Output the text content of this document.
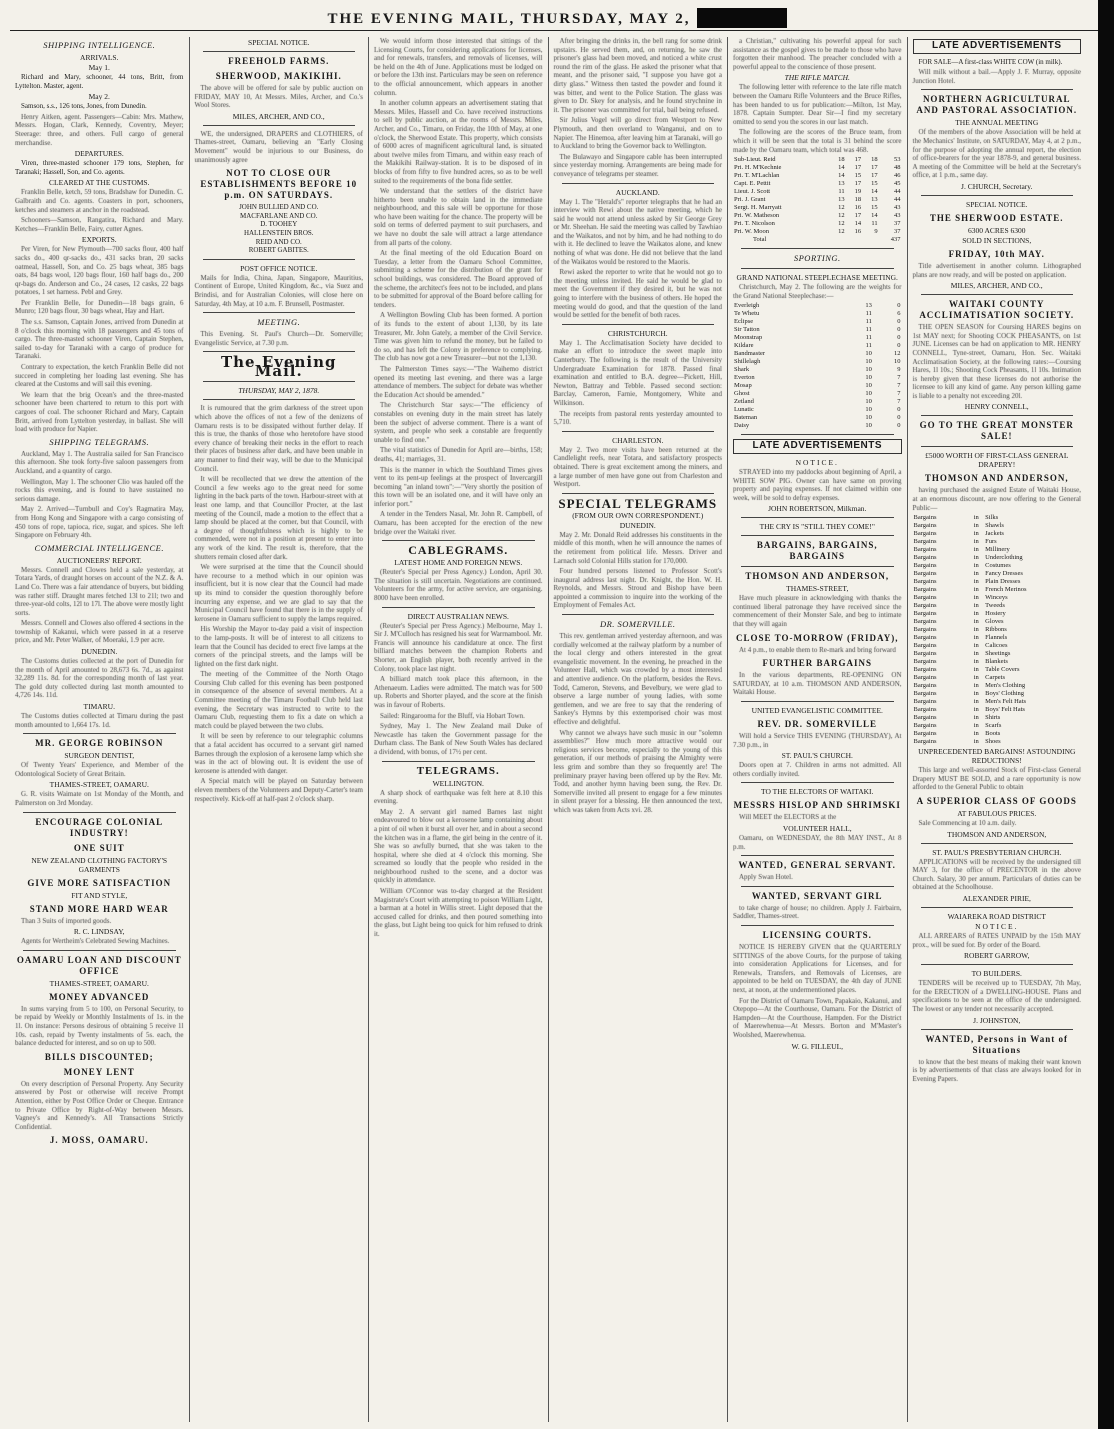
THE EVENING MAIL, THURSDAY, MAY 2,
SHIPPING INTELLIGENCE.
ARRIVALS.
May 1.

Richard and Mary, schooner, 44 tons, Britt, from Lyttelton. Master, agent.

May 2.

Samson, s.s., 126 tons, Jones, from Dunedin.

Henry Aitken, agent. Passengers—Cabin: Mrs. Mathew, Messrs. Hogan, Clark, Kennedy, Coventry, Meyer; Steerage: three, and others. Full cargo of general merchandise.

DEPARTURES.

Viren, three-masted schooner 179 tons, Stephen, for Taranaki; Hassell, Son, and Co. agents.

CLEARED AT THE CUSTOMS.

Franklin Belle, ketch, 59 tons, Bradshaw for Dunedin. C. Galbraith and Co. agents. Coasters in port, schooners, ketches and steamers at anchor in the roadstead.

Schooners—Samson, Rangatira, Richard and Mary. Ketches—Franklin Belle, Fairy, cutter Agnes.

EXPORTS.

Per Viren, for New Plymouth—700 sacks flour, 400 half sacks do., 400 qr-sacks do., 431 sacks bran, 20 sacks oatmeal, Hassell, Son, and Co. 25 bags wheat, 385 bags oats, 84 bags wool, 120 bags flour, 160 half bags do., 200 qr-bags do. Anderson and Co., 24 cases, 12 casks, 22 bags potatoes, 1 set harness. Pebl and Grey.

Per Franklin Belle, for Dunedin—18 bags grain, 6 Munro; 120 bags flour, 30 bags wheat, Hay and Hart.

The s.s. Samson, Captain Jones, arrived from Dunedin at 8 o'clock this morning with 18 passengers and 45 tons of cargo. The three-masted schooner Viren, Captain Stephen, sailed to-day for Taranaki with a cargo of produce for Taranaki.

Contrary to expectation, the ketch Franklin Belle did not succeed in completing her loading last evening. She has cleared at the Customs and will sail this evening.

We learn that the brig Ocean's and the three-masted schooner have been chartered to return to this port with cargoes of coal. The schooner Richard and Mary, Captain Britt, arrived from Lyttelton yesterday, in ballast. She will load with produce for Napier.

SHIPPING TELEGRAMS.

Auckland, May 1. The Australia sailed for San Francisco this afternoon. She took forty-five saloon passengers from Auckland, and a quantity of cargo.

Wellington, May 1. The schooner Clio was hauled off the rocks this evening, and is found to have sustained no serious damage.

May 2. Arrived—Turnbull and Coy's Ragmatira May, from Hong Kong and Singapore with a cargo consisting of 450 tons of rope, tapioca, rice, sugar, and spices. She left Singapore on February 4th.

COMMERCIAL INTELLIGENCE.
AUCTIONEERS' REPORT.

Messrs. Connell and Clowes held a sale yesterday, at Totara Yards, of draught horses on account of the N.Z. & A. Land Co. There was a fair attendance of buyers, but bidding was rather stiff. Draught mares fetched 13l to 21l; two and three-year-old colts, 12l to 17l. The above were mostly light sorts.

Messrs. Connell and Clowes also offered 4 sections in the township of Kakanui, which were passed in at a reserve price, and Mr. Peter Walker, of Moeraki, 1.9 per acre.

DUNEDIN.

The Customs duties collected at the port of Dunedin for the month of April amounted to 28,673 6s. 7d., as against 32,289 11s. 8d. for the corresponding month of last year. The gold duty collected during last month amounted to 4,726 14s. 11d.

TIMARU.

The Customs duties collected at Timaru during the past month amounted to 1,664 17s. 1d.

MR. GEORGE ROBINSON
SURGEON DENTIST,

Of Twenty Years' Experience, and Member of the Odontological Society of Great Britain.

THAMES-STREET, OAMARU.

G. R. visits Waimate on 1st Monday of the Month, and Palmerston on 3rd Monday.

ENCOURAGE COLONIAL INDUSTRY!
ONE SUIT
NEW ZEALAND CLOTHING FACTORY'S GARMENTS
GIVE MORE SATISFACTION
FIT AND STYLE,
STAND MORE HARD WEAR

Than 3 Suits of imported goods.

R. C. LINDSAY,

Agents for Wertheim's Celebrated Sewing Machines.

OAMARU LOAN AND DISCOUNT OFFICE
THAMES-STREET, OAMARU.
MONEY ADVANCED

In sums varying from 5 to 100, on Personal Security, to be repaid by Weekly or Monthly Instalments of 1s. in the 1l. On instance: Persons desirous of obtaining 5 receive 1l 10s. cash, repaid by Twenty instalments of 5s. each, the balance deducted for interest, and so on up to 500.

BILLS DISCOUNTED;
MONEY LENT

On every description of Personal Property. Any Security answered by Post or otherwise will receive Prompt Attention, either by Post Office Order or Cheque. Entrance to Private Office by Right-of-Way between Messrs. Vagney's and Kennedy's. All Transactions Strictly Confidential.

J. MOSS, OAMARU.
SPECIAL NOTICE.
FREEHOLD FARMS.
SHERWOOD, MAKIKIHI.

The above will be offered for sale by public auction on FRIDAY, MAY 10, At Messrs. Miles, Archer, and Co.'s Wool Stores.

MILES, ARCHER, AND CO.,

WE, the undersigned, DRAPERS and CLOTHIERS, of Thames-street, Oamaru, believing an "Early Closing Movement" would be injurious to our Business, do unanimously agree

NOT TO CLOSE OUR ESTABLISHMENTS BEFORE 10 p.m. ON SATURDAYS.
JOHN BULLIED AND CO.
MACFARLANE AND CO.
D. TOOHEY
HALLENSTEIN BROS.
REID AND CO.
ROBERT GABITES.
POST OFFICE NOTICE.

Mails for India, China, Japan, Singapore, Mauritius, Continent of Europe, United Kingdom, &c., via Suez and Brindisi, and for Australian Colonies, will close here on Saturday, 4th May, at 10 a.m. F. Brunsell, Postmaster.

MEETING.

This Evening. St. Paul's Church—Dr. Somerville; Evangelistic Service, at 7.30 p.m.

The Evening Mail.
THURSDAY, MAY 2, 1878.

It is rumoured that the grim darkness of the street upon which above the offices of not a few of the denizens of Oamaru rests is to be dissipated without further delay. If this is true, the thanks of those who heretofore have stood every chance of breaking their necks in the effort to reach their places of business after dark, and have been unable in any manner to find their way, will be due to the Municipal Council.

It will be recollected that we drew the attention of the Council a few weeks ago to the great need for some lighting in the back parts of the town. Harbour-street with at least one lamp, and that Councillor Procter, at the last meeting of the Council, made a motion to the effect that a lamp should be placed at the corner, but that Council, with a degree of thoughtfulness which is highly to be commended, were not in a position at present to enter into any work of the kind. The result is, therefore, that the shutters remain closed after dark.

We were surprised at the time that the Council should have recourse to a method which in our opinion was insufficient, but it is now clear that the Council had made up its mind to consider the question thoroughly before incurring any expense, and we are glad to say that the Municipal Council have found that there is in the supply of kerosene in Oamaru sufficient to supply the lamps required.

His Worship the Mayor to-day paid a visit of inspection to the lamp-posts. It will be of interest to all citizens to learn that the Council has decided to erect five lamps at the corners of the principal streets, and the lamps will be lighted on the first dark night.

The meeting of the Committee of the North Otago Coursing Club called for this evening has been postponed in consequence of the absence of several members. At a Committee meeting of the Timaru Football Club held last evening, the Secretary was instructed to write to the Oamaru Club, requesting them to fix a date on which a match could be played between the two clubs.

It will be seen by reference to our telegraphic columns that a fatal accident has occurred to a servant girl named Barnes through the explosion of a kerosene lamp which she was in the act of blowing out. It is evident the use of kerosene is attended with danger.

A Special match will be played on Saturday between eleven members of the Volunteers and Deputy-Carter's team respectively. Kick-off at half-past 2 o'clock sharp.

We would inform those interested that sittings of the Licensing Courts, for considering applications for licenses, and for renewals, transfers, and removals of licenses, will be held on the 4th of June. Applications must be lodged on or before the 13th inst. Particulars may be seen on reference to the official announcement, which appears in another column.

In another column appears an advertisement stating that Messrs. Miles, Hassell and Co. have received instructions to sell by public auction, at the rooms of Messrs. Miles, Archer, and Co., Timaru, on Friday, the 10th of May, at one o'clock, the Sherwood Estate. This property, which consists of 6000 acres of magnificent agricultural land, is situated about twelve miles from Timaru, and within easy reach of the Makikihi Railway-station. It is to be disposed of in blocks of from fifty to five hundred acres, so as to be well suited to the requirements of the bona fide settler.

We understand that the settlers of the district have hitherto been unable to obtain land in the immediate neighbourhood, and this sale will be opportune for those who have been waiting for the chance. The property will be sold on terms of deferred payment to suit purchasers, and we have no doubt the sale will attract a large attendance from all parts of the colony.

At the final meeting of the old Education Board on Tuesday, a letter from the Oamaru School Committee, submitting a scheme for the distribution of the grant for school buildings, was considered. The Board approved of the scheme, the architect's fees not to be included, and plans to be submitted for approval of the Board before calling for tenders.

A Wellington Bowling Club has been formed. A portion of its funds to the extent of about 1,130, by its late Treasurer, Mr. John Gately, a member of the Civil Service. Time was given him to refund the money, but he failed to do so, and has left the Colony in preference to complying. The club has now got a new Treasurer—but not the 1,130.

The Palmerston Times says:—"The Waihemo district opened its meeting last evening, and there was a large attendance of members. The subject for debate was whether the Education Act should be amended."

The Christchurch Star says:—"The efficiency of constables on evening duty in the main street has lately been the subject of adverse comment. There is a want of system, and people who seek a constable are frequently unable to find one."

The vital statistics of Dunedin for April are—births, 158; deaths, 41; marriages, 31.

This is the manner in which the Southland Times gives vent to its pent-up feelings at the prospect of Invercargill becoming "an inland town":—"Very shortly the position of this town will be an isolated one, and it will have only an inferior port."

A tender in the Tenders Nasal, Mr. John R. Campbell, of Oamaru, has been accepted for the erection of the new bridge over the Waitaki river.

CABLEGRAMS.
LATEST HOME AND FOREIGN NEWS.

(Reuter's Special per Press Agency.) London, April 30. The situation is still uncertain. Negotiations are continued. Volunteers for the army, for active service, are organising. 8000 have been enrolled.

DIRECT AUSTRALIAN NEWS.

(Reuter's Special per Press Agency.) Melbourne, May 1. Sir J. M'Culloch has resigned his seat for Warrnambool. Mr. Francis will announce his candidature at once. The first billiard matches between the champion Roberts and Shorter, an English player, both recently arrived in the Colony, took place last night.

A billiard match took place this afternoon, in the Athenaeum. Ladies were admitted. The match was for 500 up. Roberts and Shorter played, and the score at the finish was in favour of Roberts.

Sailed: Ringarooma for the Bluff, via Hobart Town.

Sydney, May 1. The New Zealand mail Duke of Newcastle has taken the Government passage for the Durham class. The Bank of New South Wales has declared a dividend, with bonus, of 17½ per cent.

TELEGRAMS.
WELLINGTON.

A sharp shock of earthquake was felt here at 8.10 this evening.

May 2. A servant girl named Barnes last night endeavoured to blow out a kerosene lamp containing about a pint of oil when it burst all over her, and in about a second the kitchen was in a flame, the girl being in the centre of it. She was so awfully burned, that she was taken to the hospital, where she died at 4 o'clock this morning. She screamed so loudly that the people who resided in the neighbourhood rushed to the scene, and a doctor was quickly in attendance.

William O'Connor was to-day charged at the Resident Magistrate's Court with attempting to poison William Light, a barman at a hotel in Willis street. Light deposed that the accused called for drinks, and then poured something into the glass, but Light being too quick for him refused to drink it.

After bringing the drinks in, the bell rang for some drink upstairs. He served them, and, on returning, he saw the prisoner's glass had been moved, and noticed a white crust round the rim of the glass. He asked the prisoner what that meant, and the prisoner said, "I suppose you have got a dirty glass." Witness then tasted the powder and found it was bitter, and went to the Police Station. The glass was given to Dr. Skey for analysis, and he found strychnine in it. The prisoner was committed for trial, bail being refused.

Sir Julius Vogel will go direct from Westport to New Plymouth, and then overland to Wanganui, and on to Napier. The Hinemoa, after leaving him at Taranaki, will go to Auckland to bring the Governor back to Wellington.

The Bulawayo and Singapore cable has been interrupted since yesterday morning. Arrangements are being made for conveyance of telegrams per steamer.

AUCKLAND.

May 1. The "Herald's" reporter telegraphs that he had an interview with Rewi about the native meeting, which he said he would not attend unless asked by Sir George Grey or Mr. Sheehan. He said the meeting was called by Tawhiao and the Waikatos, and not by him, and he had nothing to do with it. He declined to leave the Waikatos alone, and knew nothing of what was done. He did not believe that the land of the Waikatos would be restored to the Maoris.

Rewi asked the reporter to write that he would not go to the meeting unless invited. He said he would be glad to meet the Government if they desired it, but he was not going to interfere with the business of others. He hoped the meeting would do good, and that the question of the land would be settled for the benefit of both races.

CHRISTCHURCH.

May 1. The Acclimatisation Society have decided to make an effort to introduce the sweet maple into Canterbury. The following is the result of the University Undergraduate Examination for 1878. Passed final examination and entitled to B.A. degree—Pickett, Hill, Newton, Battray and Tebble. Passed second section: Barclay, Cameron, Farnie, Montgomery, White and Wilkinson.

The receipts from pastoral rents yesterday amounted to 5,710.

CHARLESTON.

May 2. Two more visits have been returned at the Candlelight reefs, near Totara, and satisfactory prospects obtained. There is great excitement among the miners, and a large number of men have gone out from Charleston and Westport.

SPECIAL TELEGRAMS
(FROM OUR OWN CORRESPONDENT.)
DUNEDIN.

May 2. Mr. Donald Reid addresses his constituents in the middle of this month, when he will announce the names of the retirement from political life. Messrs. Driver and Larnach sold Colonial Hills station for 170,000.

Four hundred persons listened to Professor Scott's inaugural address last night. Dr. Knight, the Hon. W. H. Reynolds, and Messrs. Stroud and Bishop have been appointed a commission to inquire into the working of the Employment of Females Act.

DR. SOMERVILLE.

This rev. gentleman arrived yesterday afternoon, and was cordially welcomed at the railway platform by a number of the local clergy and others interested in the great evangelistic movement. In the evening, he preached in the Volunteer Hall, which was crowded by a most interested and attentive audience. On the platform, besides the Revs. Todd, Cameron, Stevens, and Bevelbury, we were glad to observe a large number of young ladies, with some gentlemen, and we are free to say that the rendering of Sankey's Hymns by this extemporised choir was most effective and delightful.

Why cannot we always have such music in our "solemn assemblies?" How much more attractive would our religious services become, especially to the young of this generation, if our methods of praising the Almighty were less grim and sombre than they so frequently are! The preliminary prayer having been offered up by the Rev. Mr. Todd, and another hymn having been sung, the Rev. Dr. Somerville invited all present to engage for a few minutes in silent prayer for a blessing. He then announced the text, which was taken from Acts xvi. 28.

a Christian," cultivating his powerful appeal for such assistance as the gospel gives to be made to those who have forgotten their manhood. The preacher concluded with a powerful appeal to the conscience of those present.

THE RIFLE MATCH.

The following letter with reference to the late rifle match between the Oamaru Rifle Volunteers and the Bruce Rifles, has been handed to us for publication:—Milton, 1st May, 1878. Captain Sumpter. Dear Sir—I find my secretary omitted to send you the scores in our last match.

The following are the scores of the Bruce team, from which it will be seen that the total is 31 behind the score made by the Oamaru team, which total was 468.

Sub-Lieut. Reid	18	17	18	53
Pri. H. M'Kechnie	14	17	17	48
Pri. T. M'Lachlan	14	15	17	46
Capt. E. Pettit	13	17	15	45
Lieut. J. Scott	11	19	14	44
Pri. J. Grant	13	18	13	44
Sergt. H. Marryatt	12	16	15	43
Pri. W. Matheson	12	17	14	43
Pri. T. Nicolson	12	14	11	37
Pri. W. Moon	12	16	9	37
Total				437
SPORTING.
GRAND NATIONAL STEEPLECHASE MEETING.

Christchurch, May 2. The following are the weights for the Grand National Steeplechase:—

Everleigh	13	0
Te Whetu	11	6
Eclipse	11	0
Sir Tatton	11	0
Moonstrap	11	0
Kildare	11	0
Bandmaster	10	12
Shillelagh	10	10
Shark	10	9
Everton	10	7
Mosap	10	7
Ghost	10	7
Zetland	10	7
Lunatic	10	0
Bateman	10	0
Daisy	10	0
LATE ADVERTISEMENTS
NOTICE.

STRAYED into my paddocks about beginning of April, a WHITE SOW PIG. Owner can have same on proving property and paying expenses. If not claimed within one week, will be sold to defray expenses.

JOHN ROBERTSON, Milkman.
THE CRY IS "STILL THEY COME!"
BARGAINS, BARGAINS, BARGAINS
THOMSON AND ANDERSON,
THAMES-STREET,

Have much pleasure in acknowledging with thanks the continued liberal patronage they have received since the commencement of their Monster Sale, and beg to intimate that they will again

CLOSE TO-MORROW (FRIDAY),

At 4 p.m., to enable them to Re-mark and bring forward

FURTHER BARGAINS

In the various departments, RE-OPENING ON SATURDAY, at 10 a.m. THOMSON AND ANDERSON, Waitaki House.

UNITED EVANGELISTIC COMMITTEE.
REV. DR. SOMERVILLE

Will hold a Service THIS EVENING (THURSDAY), At 7.30 p.m., in

ST. PAUL'S CHURCH.

Doors open at 7. Children in arms not admitted. All others cordially invited.

TO THE ELECTORS OF WAITAKI.
MESSRS HISLOP AND SHRIMSKI

Will MEET the ELECTORS at the

VOLUNTEER HALL,

Oamaru, on WEDNESDAY, the 8th MAY INST., At 8 p.m.

WANTED, GENERAL SERVANT.

Apply Swan Hotel.

WANTED, SERVANT GIRL

to take charge of house; no children. Apply J. Fairbairn, Saddler, Thames-street.

LICENSING COURTS.

NOTICE IS HEREBY GIVEN that the QUARTERLY SITTINGS of the above Courts, for the purpose of taking into consideration Applications for Licenses, and for Renewals, Transfers, and Removals of Licenses, are appointed to be held on TUESDAY, the 4th day of JUNE next, at noon, at the undermentioned places.

For the District of Oamaru Town, Papakaio, Kakanui, and Otepopo—At the Courthouse, Oamaru. For the District of Hampden—At the Courthouse, Hampden. For the District of Maerewhenua—At Messrs. Borton and M'Master's Woolshed, Maerewhenua.

W. G. FILLEUL,
LATE ADVERTISEMENTS

FOR SALE—A first-class WHITE COW (in milk).

Will milk without a bail.—Apply J. F. Murray, opposite Junction Hotel.

NORTHERN AGRICULTURAL AND PASTORAL ASSOCIATION.
THE ANNUAL MEETING

Of the members of the above Association will be held at the Mechanics' Institute, on SATURDAY, May 4, at 2 p.m., for the purpose of adopting the annual report, the election of office-bearers for the year 1878-9, and general business. A meeting of the Committee will be held at the Secretary's office, at 1 p.m., same day.

J. CHURCH, Secretary.
SPECIAL NOTICE.
THE SHERWOOD ESTATE.
6300 ACRES 6300
SOLD IN SECTIONS,
FRIDAY, 10th MAY.

Title advertisement in another column. Lithographed plans are now ready, and will be posted on application.

MILES, ARCHER, AND CO.,
WAITAKI COUNTY ACCLIMATISATION SOCIETY.

THE OPEN SEASON for Coursing HARES begins on 1st MAY next; for Shooting COCK PHEASANTS, on 1st JUNE. Licenses can be had on application to MR. HENRY CONNELL, Tyne-street, Oamaru, Hon. Sec. Waitaki Acclimatisation Society, at the following rates:—Coursing Hares, 1l 10s.; Shooting Cock Pheasants, 1l 10s. Intimation is hereby given that these licenses do not authorise the licensee to kill any kind of game. Any person killing game is liable to a penalty not exceeding 20l.

HENRY CONNELL,
GO TO THE GREAT MONSTER SALE!
£5000 WORTH OF FIRST-CLASS GENERAL DRAPERY!
THOMSON AND ANDERSON,

having purchased the assigned Estate of Waitaki House, at an enormous discount, are now offering to the General Public—

Bargains	in	Silks
Bargains	in	Shawls
Bargains	in	Jackets
Bargains	in	Furs
Bargains	in	Millinery
Bargains	in	Underclothing
Bargains	in	Costumes
Bargains	in	Fancy Dresses
Bargains	in	Plain Dresses
Bargains	in	French Merinos
Bargains	in	Winceys
Bargains	in	Tweeds
Bargains	in	Hosiery
Bargains	in	Gloves
Bargains	in	Ribbons
Bargains	in	Flannels
Bargains	in	Calicoes
Bargains	in	Sheetings
Bargains	in	Blankets
Bargains	in	Table Covers
Bargains	in	Carpets
Bargains	in	Men's Clothing
Bargains	in	Boys' Clothing
Bargains	in	Men's Felt Hats
Bargains	in	Boys' Felt Hats
Bargains	in	Shirts
Bargains	in	Scarfs
Bargains	in	Boots
Bargains	in	Shoes
UNPRECEDENTED BARGAINS! ASTOUNDING REDUCTIONS!

This large and well-assorted Stock of First-class General Drapery MUST BE SOLD, and a rare opportunity is now afforded to the General Public to obtain

A SUPERIOR CLASS OF GOODS
AT FABULOUS PRICES.

Sale Commencing at 10 a.m. daily.

THOMSON AND ANDERSON,
ST. PAUL'S PRESBYTERIAN CHURCH.

APPLICATIONS will be received by the undersigned till MAY 3, for the office of PRECENTOR in the above Church. Salary, 30 per annum. Particulars of duties can be obtained at the Schoolhouse.

ALEXANDER PIRIE,
WAIAREKA ROAD DISTRICT
NOTICE.

ALL ARREARS of RATES UNPAID by the 15th MAY prox., will be sued for. By order of the Board.

ROBERT GARROW,
TO BUILDERS.

TENDERS will be received up to TUESDAY, 7th May, for the ERECTION of a DWELLING-HOUSE. Plans and specifications to be seen at the office of the undersigned. The lowest or any tender not necessarily accepted.

J. JOHNSTON,
WANTED, Persons in Want of Situations

to know that the best means of making their want known is by advertisements of that class are always looked for in Evening Papers.
